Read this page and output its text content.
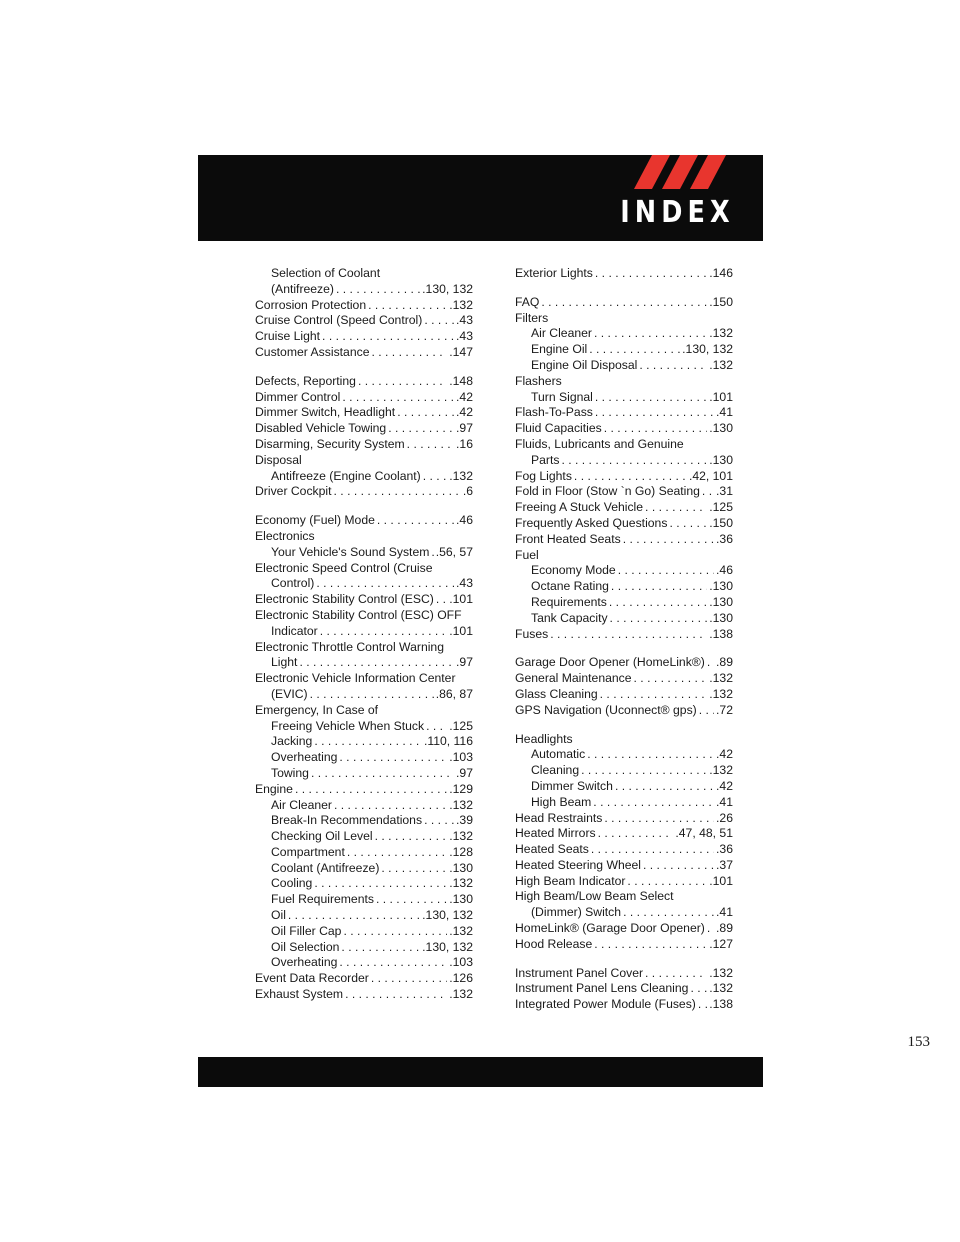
INDEX
Selection of Coolant
(Antifreeze) . . .	.130, 132
Corrosion Protection . . .	.132
Cruise Control (Speed Control) . . .	.43
Cruise Light . . .	.43
Customer Assistance . . .	.147
Defects, Reporting . . .	.148
Dimmer Control . . .	.42
Dimmer Switch, Headlight . . .	.42
Disabled Vehicle Towing . . .	.97
Disarming, Security System . . .	.16
Disposal
Antifreeze (Engine Coolant) . . . .132
Driver Cockpit . . .	.6
Economy (Fuel) Mode . . .	.46
Electronics
Your Vehicle's Sound System . . . .56, 57
Electronic Speed Control (Cruise
Control) . . .	.43
Electronic Stability Control (ESC) . . . .101
Electronic Stability Control (ESC) OFF
Indicator . . .	.101
Electronic Throttle Control Warning
Light . . .	.97
Electronic Vehicle Information Center
(EVIC) . . .	.86, 87
Emergency, In Case of
Freeing Vehicle When Stuck . . . .125
Jacking . . .	.110, 116
Overheating . . .	.103
Towing . . .	.97
Engine . . .	.129
Air Cleaner . . .	.132
Break-In Recommendations . . .	.39
Checking Oil Level . . .	.132
Compartment . . .	.128
Coolant (Antifreeze) . . .	.130
Cooling . . .	.132
Fuel Requirements . . .	.130
Oil . . .	.130, 132
Oil Filler Cap . . .	.132
Oil Selection . . .	.130, 132
Overheating . . .	.103
Event Data Recorder . . .	.126
Exhaust System . . .	.132
Exterior Lights . . .	.146
FAQ . . .	.150
Filters
Air Cleaner . . .	.132
Engine Oil . . .	.130, 132
Engine Oil Disposal . . .	.132
Flashers
Turn Signal . . .	.101
Flash-To-Pass . . .	.41
Fluid Capacities . . .	.130
Fluids, Lubricants and Genuine
Parts . . .	.130
Fog Lights . . .	.42, 101
Fold in Floor (Stow `n Go) Seating . . . .31
Freeing A Stuck Vehicle . . .	.125
Frequently Asked Questions . . .	.150
Front Heated Seats . . .	.36
Fuel
Economy Mode . . .	.46
Octane Rating . . .	.130
Requirements . . .	.130
Tank Capacity . . .	.130
Fuses . . .	.138
Garage Door Opener (HomeLink®) . . . .89
General Maintenance . . .	.132
Glass Cleaning . . .	.132
GPS Navigation (Uconnect® gps) . . . .72
Headlights
Automatic . . .	.42
Cleaning . . .	.132
Dimmer Switch . . .	.42
High Beam . . .	.41
Head Restraints . . .	.26
Heated Mirrors . . .	.47, 48, 51
Heated Seats . . .	.36
Heated Steering Wheel . . .	.37
High Beam Indicator . . .	.101
High Beam/Low Beam Select
(Dimmer) Switch . . .	.41
HomeLink® (Garage Door Opener) . . . .89
Hood Release . . .	.127
Instrument Panel Cover . . .	.132
Instrument Panel Lens Cleaning . . . .132
Integrated Power Module (Fuses) . . . .138
153
